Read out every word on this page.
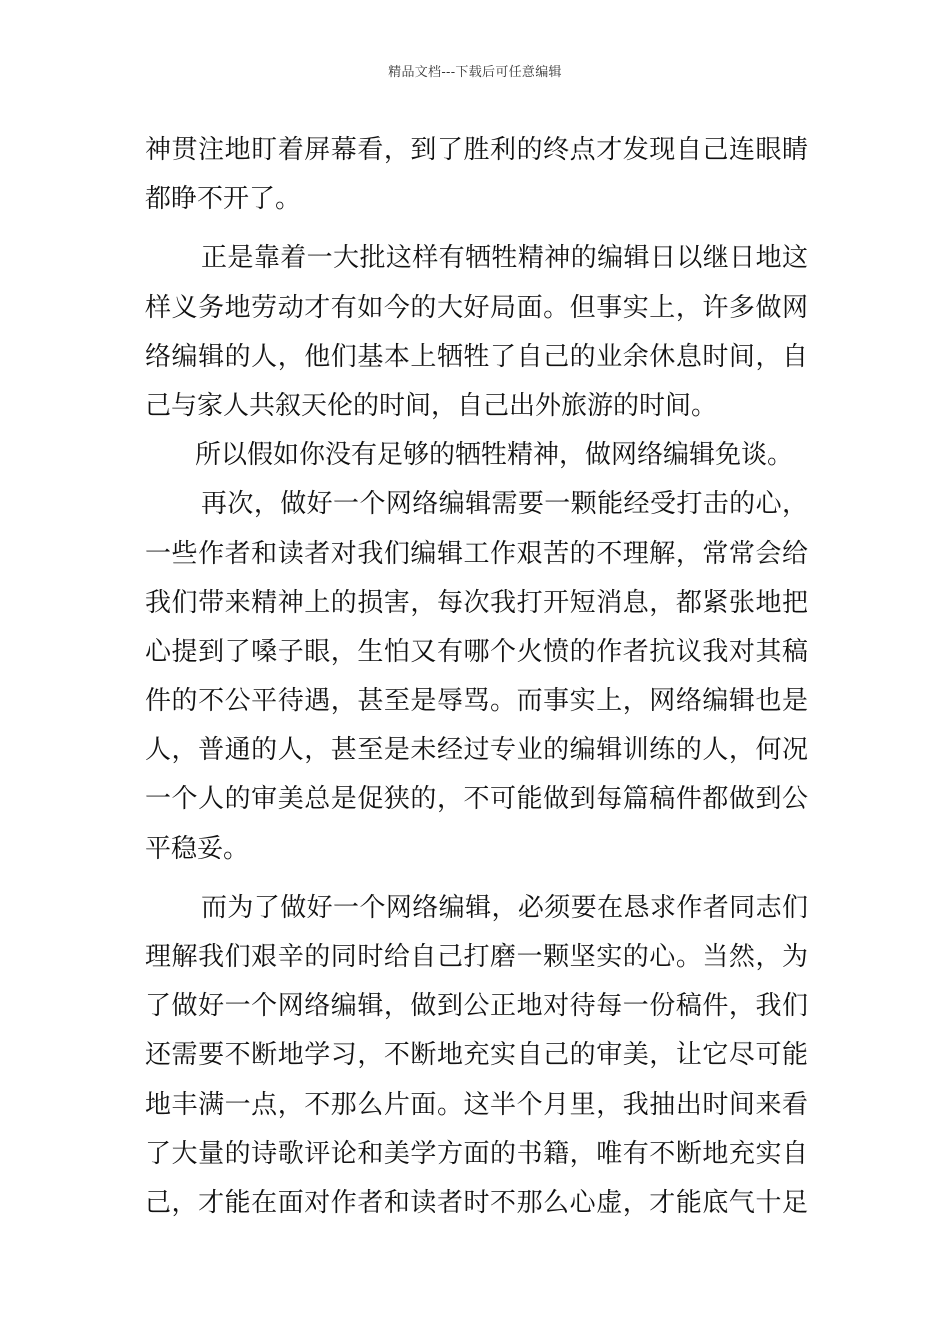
精品文档---下载后可任意编辑
神贯注地盯着屏幕看，到了胜利的终点才发现自己连眼睛
都睁不开了。
正是靠着一大批这样有牺牲精神的编辑日以继日地这
样义务地劳动才有如今的大好局面。但事实上，许多做网
络编辑的人，他们基本上牺牲了自己的业余休息时间，自
己与家人共叙天伦的时间，自己出外旅游的时间。
所以假如你没有足够的牺牲精神，做网络编辑免谈。
再次，做好一个网络编辑需要一颗能经受打击的心，
一些作者和读者对我们编辑工作艰苦的不理解，常常会给
我们带来精神上的损害，每次我打开短消息，都紧张地把
心提到了嗓子眼，生怕又有哪个火愤的作者抗议我对其稿
件的不公平待遇，甚至是辱骂。而事实上，网络编辑也是
人，普通的人，甚至是未经过专业的编辑训练的人，何况
一个人的审美总是促狭的，不可能做到每篇稿件都做到公
平稳妥。
而为了做好一个网络编辑，必须要在恳求作者同志们
理解我们艰辛的同时给自己打磨一颗坚实的心。当然，为
了做好一个网络编辑，做到公正地对待每一份稿件，我们
还需要不断地学习，不断地充实自己的审美，让它尽可能
地丰满一点，不那么片面。这半个月里，我抽出时间来看
了大量的诗歌评论和美学方面的书籍，唯有不断地充实自
己，才能在面对作者和读者时不那么心虚，才能底气十足
